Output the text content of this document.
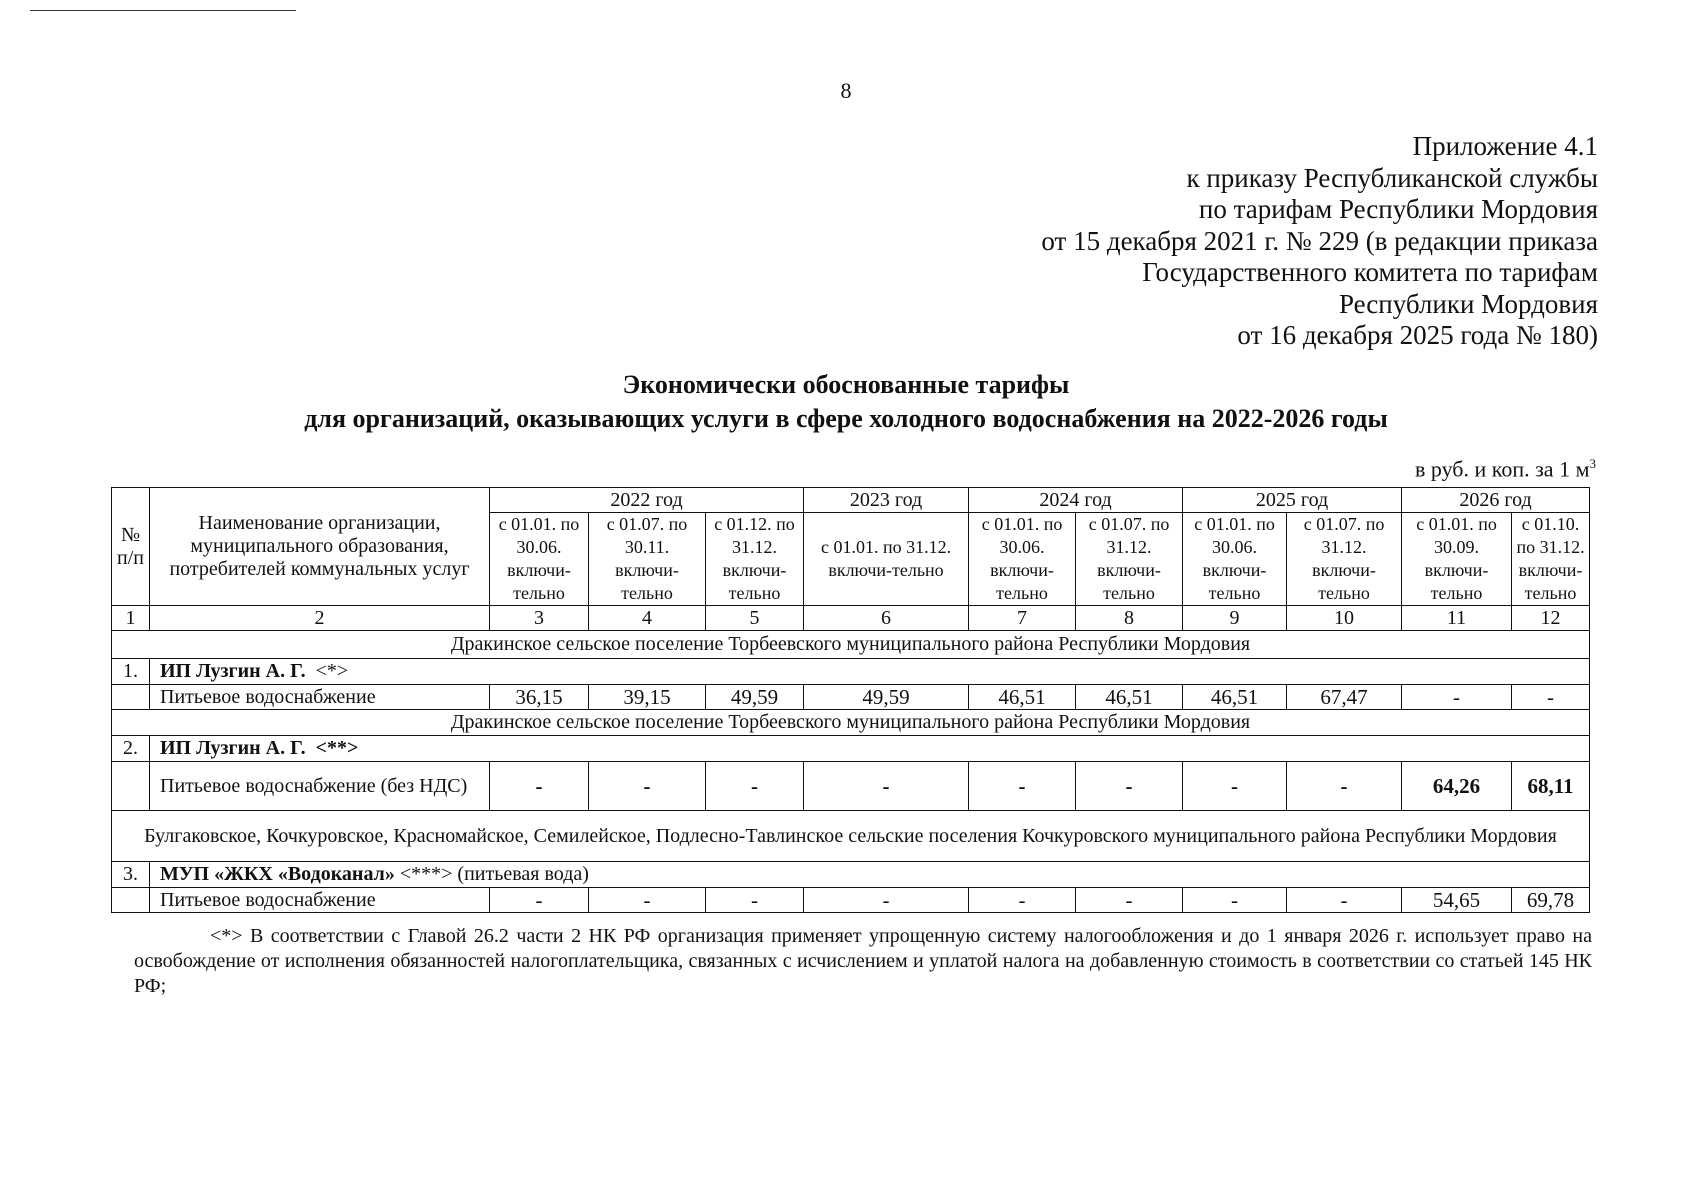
8
Приложение 4.1
к приказу Республиканской службы
по тарифам Республики Мордовия
от 15 декабря 2021 г. № 229 (в редакции приказа
Государственного комитета по тарифам
Республики Мордовия
от 16 декабря 2025 года № 180)
Экономически обоснованные тарифы
для организаций, оказывающих услуги в сфере холодного водоснабжения на 2022-2026 годы
в руб. и коп. за 1 $м^3$
№ п/п	Наименование организации, муниципального образования, потребителей коммунальных услуг	2022 год			2023 год	2024 год		2025 год		2026 год	
		с 01.01. по 30.06. включи-тельно	с 01.07. по 30.11. включи-тельно	с 01.12. по 31.12. включи-тельно	с 01.01. по 31.12. включи-тельно	с 01.01. по 30.06. включи-тельно	с 01.07. по 31.12. включи-тельно	с 01.01. по 30.06. включи-тельно	с 01.07. по 31.12. включи-тельно	с 01.01. по 30.09. включи-тельно	с 01.10. по 31.12. включи-тельно
1	2	3	4	5	6	7	8	9	10	11	12
Дракинское сельское поселение Торбеевского муниципального района Республики Мордовия											
1.	ИП Лузгин А. Г. <*>										
	Питьевое водоснабжение	36,15	39,15	49,59	49,59	46,51	46,51	46,51	67,47	-	-
Дракинское сельское поселение Торбеевского муниципального района Республики Мордовия											
2.	ИП Лузгин А. Г. <**>										
	Питьевое водоснабжение (без НДС)	-	-	-	-	-	-	-	-	64,26	68,11
Булгаковское, Кочкуровское, Красномайское, Семилейское, Подлесно-Тавлинское сельские поселения Кочкуровского муниципального района Республики Мордовия											
3.	МУП «ЖКХ «Водоканал» <***> (питьевая вода)										
	Питьевое водоснабжение	-	-	-	-	-	-	-	-	54,65	69,78
<*> В соответствии с Главой 26.2 части 2 НК РФ организация применяет упрощенную систему налогообложения и до 1 января 2026 г. использует право на освобождение от исполнения обязанностей налогоплательщика, связанных с исчислением и уплатой налога на добавленную стоимость в соответствии со статьей 145 НК РФ;
